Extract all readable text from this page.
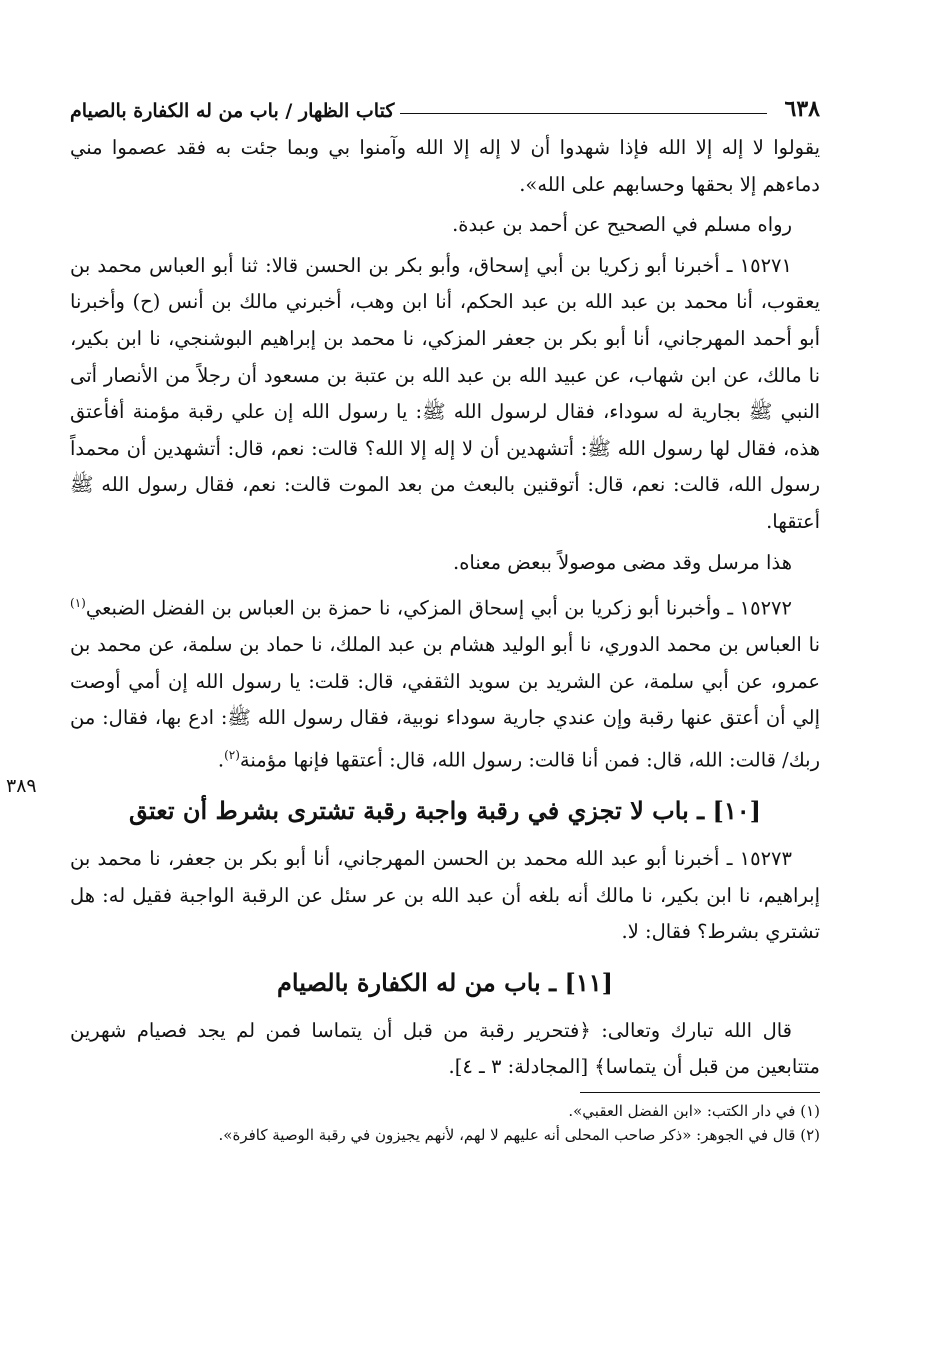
٦٣٨
كتاب الظهار / باب من له الكفارة بالصيام

يقولوا لا إله إلا الله فإذا شهدوا أن لا إله إلا الله وآمنوا بي وبما جئت به فقد عصموا مني دماءهم إلا بحقها وحسابهم على الله».

رواه مسلم في الصحيح عن أحمد بن عبدة.

١٥٢٧١ ـ أخبرنا أبو زكريا بن أبي إسحاق، وأبو بكر بن الحسن قالا: ثنا أبو العباس محمد بن يعقوب، أنا محمد بن عبد الله بن عبد الحكم، أنا ابن وهب، أخبرني مالك بن أنس (ح) وأخبرنا أبو أحمد المهرجاني، أنا أبو بكر بن جعفر المزكي، نا محمد بن إبراهيم البوشنجي، نا ابن بكير، نا مالك، عن ابن شهاب، عن عبيد الله بن عبد الله بن عتبة بن مسعود أن رجلاً من الأنصار أتى النبي ﷺ بجارية له سوداء، فقال لرسول الله ﷺ: يا رسول الله إن علي رقبة مؤمنة أفأعتق هذه، فقال لها رسول الله ﷺ: أتشهدين أن لا إله إلا الله؟ قالت: نعم، قال: أتشهدين أن محمداً رسول الله، قالت: نعم، قال: أتوقنين بالبعث من بعد الموت قالت: نعم، فقال رسول الله ﷺ أعتقها.

هذا مرسل وقد مضى موصولاً ببعض معناه.

١٥٢٧٢ ـ وأخبرنا أبو زكريا بن أبي إسحاق المزكي، نا حمزة بن العباس بن الفضل الضبعي$^{(١)}$ نا العباس بن محمد الدوري، نا أبو الوليد هشام بن عبد الملك، نا حماد بن سلمة، عن محمد بن عمرو، عن أبي سلمة، عن الشريد بن سويد الثقفي، قال: قلت: يا رسول الله إن أمي أوصت إلي أن أعتق عنها رقبة وإن عندي جارية سوداء نوبية، فقال رسول الله ﷺ: ادع بها، فقال: من ربك/ قالت: الله، قال: فمن أنا قالت: رسول الله، قال: أعتقها فإنها مؤمنة$^{(٢)}$.
٣٨٩

[١٠] ـ باب لا تجزي في رقبة واجبة رقبة تشترى بشرط أن تعتق

١٥٢٧٣ ـ أخبرنا أبو عبد الله محمد بن الحسن المهرجاني، أنا أبو بكر بن جعفر، نا محمد بن إبراهيم، نا ابن بكير، نا مالك أنه بلغه أن عبد الله بن عر سئل عن الرقبة الواجبة فقيل له: هل تشتري بشرط؟ فقال: لا.

[١١] ـ باب من له الكفارة بالصيام

قال الله تبارك وتعالى: ﴿فتحرير رقبة من قبل أن يتماسا فمن لم يجد فصيام شهرين متتابعين من قبل أن يتماسا﴾ [المجادلة: ٣ ـ ٤].

(١) في دار الكتب: «ابن الفضل العقبي».

(٢) قال في الجوهر: «ذكر صاحب المحلى أنه عليهم لا لهم، لأنهم يجيزون في رقبة الوصية كافرة».
